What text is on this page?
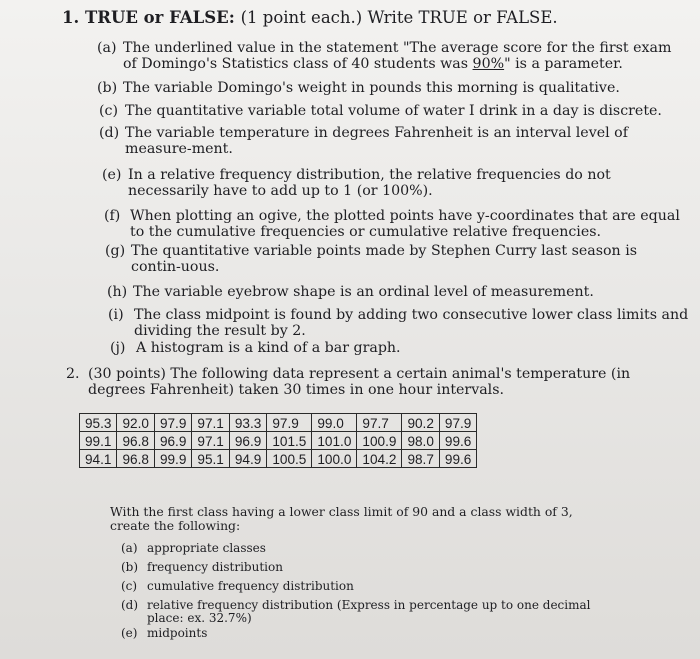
1. TRUE or FALSE: (1 point each.) Write TRUE or FALSE.
(a) The underlined value in the statement "The average score for the first exam of Domingo's Statistics class of 40 students was 90%" is a parameter.
(b) The variable Domingo's weight in pounds this morning is qualitative.
(c) The quantitative variable total volume of water I drink in a day is discrete.
(d) The variable temperature in degrees Fahrenheit is an interval level of measure-ment.
(e) In a relative frequency distribution, the relative frequencies do not necessarily have to add up to 1 (or 100%).
(f) When plotting an ogive, the plotted points have y-coordinates that are equal to the cumulative frequencies or cumulative relative frequencies.
(g) The quantitative variable points made by Stephen Curry last season is contin-uous.
(h) The variable eyebrow shape is an ordinal level of measurement.
(i) The class midpoint is found by adding two consecutive lower class limits and dividing the result by 2.
(j) A histogram is a kind of a bar graph.
2. (30 points) The following data represent a certain animal's temperature (in degrees Fahrenheit) taken 30 times in one hour intervals.
95.3	92.0	97.9	97.1	93.3	97.9	99.0	97.7	90.2	97.9
99.1	96.8	96.9	97.1	96.9	101.5	101.0	100.9	98.0	99.6
94.1	96.8	99.9	95.1	94.9	100.5	100.0	104.2	98.7	99.6
With the first class having a lower class limit of 90 and a class width of 3, create the following:
(a) appropriate classes
(b) frequency distribution
(c) cumulative frequency distribution
(d) relative frequency distribution (Express in percentage up to one decimal place: ex. 32.7%)
(e) midpoints
